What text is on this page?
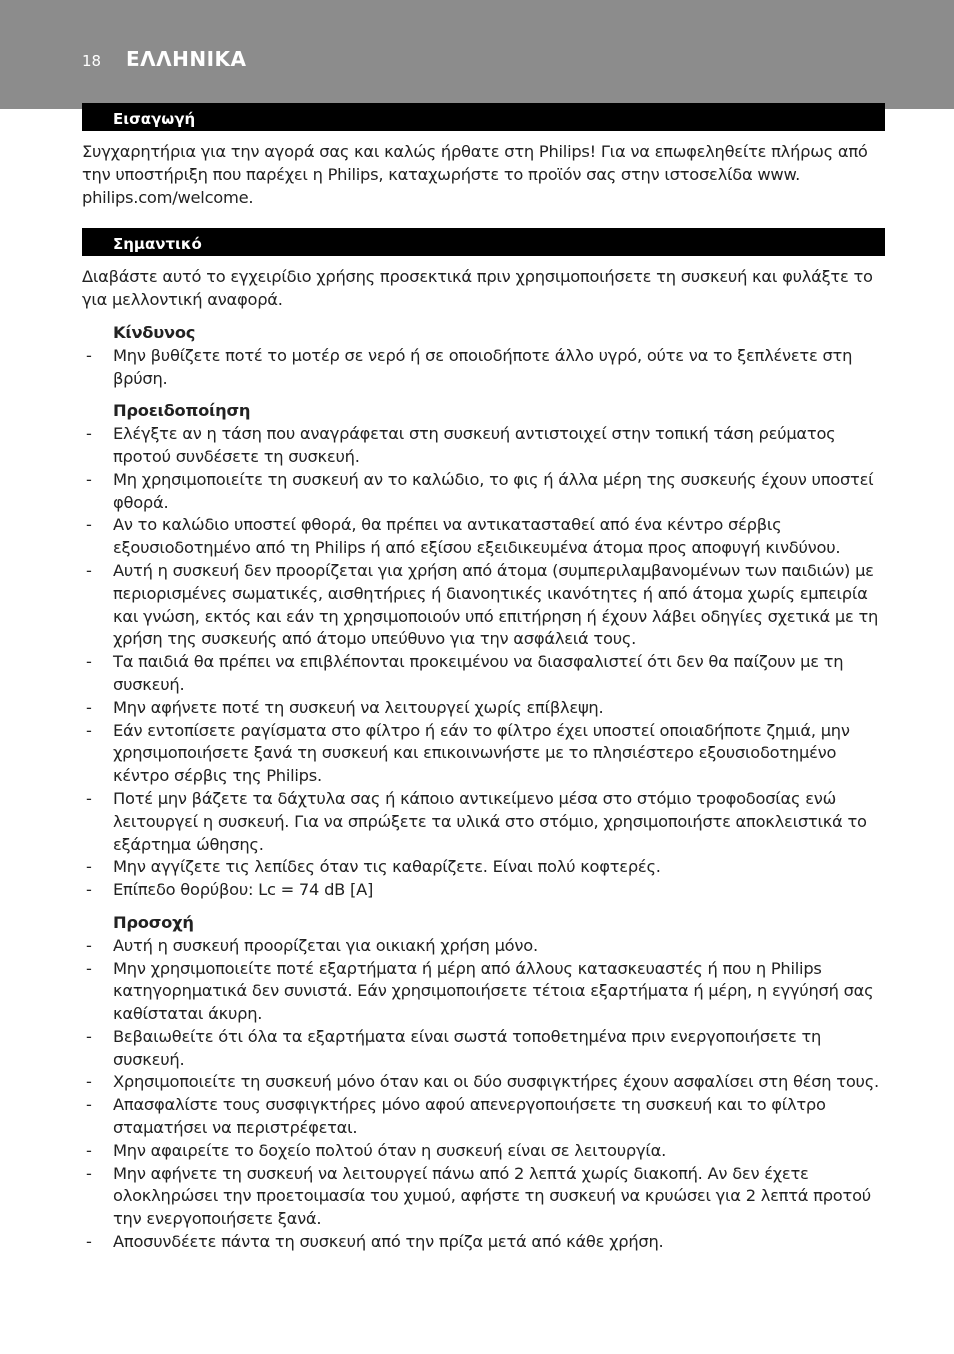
18 ΕΛΛΗΝΙΚΑ
Εισαγωγή

Συγχαρητήρια για την αγορά σας και καλώς ήρθατε στη Philips! Για να επωφεληθείτε πλήρως από την υποστήριξη που παρέχει η Philips, καταχωρήστε το προϊόν σας στην ιστοσελίδα www. philips.com/welcome.

Σημαντικό

Διαβάστε αυτό το εγχειρίδιο χρήσης προσεκτικά πριν χρησιμοποιήσετε τη συσκευή και φυλάξτε το για μελλοντική αναφορά.

Κίνδυνος

- Μην βυθίζετε ποτέ το μοτέρ σε νερό ή σε οποιοδήποτε άλλο υγρό, ούτε να το ξεπλένετε στη βρύση.

Προειδοποίηση

- Ελέγξτε αν η τάση που αναγράφεται στη συσκευή αντιστοιχεί στην τοπική τάση ρεύματος προτού συνδέσετε τη συσκευή.
- Μη χρησιμοποιείτε τη συσκευή αν το καλώδιο, το φις ή άλλα μέρη της συσκευής έχουν υποστεί φθορά.
- Αν το καλώδιο υποστεί φθορά, θα πρέπει να αντικατασταθεί από ένα κέντρο σέρβις εξουσιοδοτημένο από τη Philips ή από εξίσου εξειδικευμένα άτομα προς αποφυγή κινδύνου.
- Αυτή η συσκευή δεν προορίζεται για χρήση από άτομα (συμπεριλαμβανομένων των παιδιών) με περιορισμένες σωματικές, αισθητήριες ή διανοητικές ικανότητες ή από άτομα χωρίς εμπειρία και γνώση, εκτός και εάν τη χρησιμοποιούν υπό επιτήρηση ή έχουν λάβει οδηγίες σχετικά με τη χρήση της συσκευής από άτομο υπεύθυνο για την ασφάλειά τους.
- Τα παιδιά θα πρέπει να επιβλέπονται προκειμένου να διασφαλιστεί ότι δεν θα παίζουν με τη συσκευή.
- Μην αφήνετε ποτέ τη συσκευή να λειτουργεί χωρίς επίβλεψη.
- Εάν εντοπίσετε ραγίσματα στο φίλτρο ή εάν το φίλτρο έχει υποστεί οποιαδήποτε ζημιά, μην χρησιμοποιήσετε ξανά τη συσκευή και επικοινωνήστε με το πλησιέστερο εξουσιοδοτημένο κέντρο σέρβις της Philips.
- Ποτέ μην βάζετε τα δάχτυλα σας ή κάποιο αντικείμενο μέσα στο στόμιο τροφοδοσίας ενώ λειτουργεί η συσκευή. Για να σπρώξετε τα υλικά στο στόμιο, χρησιμοποιήστε αποκλειστικά το εξάρτημα ώθησης.
- Μην αγγίζετε τις λεπίδες όταν τις καθαρίζετε. Είναι πολύ κοφτερές.
- Επίπεδο θορύβου: Lc = 74 dB [A]

Προσοχή

- Αυτή η συσκευή προορίζεται για οικιακή χρήση μόνο.
- Μην χρησιμοποιείτε ποτέ εξαρτήματα ή μέρη από άλλους κατασκευαστές ή που η Philips κατηγορηματικά δεν συνιστά. Εάν χρησιμοποιήσετε τέτοια εξαρτήματα ή μέρη, η εγγύησή σας καθίσταται άκυρη.
- Βεβαιωθείτε ότι όλα τα εξαρτήματα είναι σωστά τοποθετημένα πριν ενεργοποιήσετε τη συσκευή.
- Χρησιμοποιείτε τη συσκευή μόνο όταν και οι δύο συσφιγκτήρες έχουν ασφαλίσει στη θέση τους.
- Απασφαλίστε τους συσφιγκτήρες μόνο αφού απενεργοποιήσετε τη συσκευή και το φίλτρο σταματήσει να περιστρέφεται.
- Μην αφαιρείτε το δοχείο πολτού όταν η συσκευή είναι σε λειτουργία.
- Μην αφήνετε τη συσκευή να λειτουργεί πάνω από 2 λεπτά χωρίς διακοπή. Αν δεν έχετε ολοκληρώσει την προετοιμασία του χυμού, αφήστε τη συσκευή να κρυώσει για 2 λεπτά προτού την ενεργοποιήσετε ξανά.
- Αποσυνδέετε πάντα τη συσκευή από την πρίζα μετά από κάθε χρήση.
